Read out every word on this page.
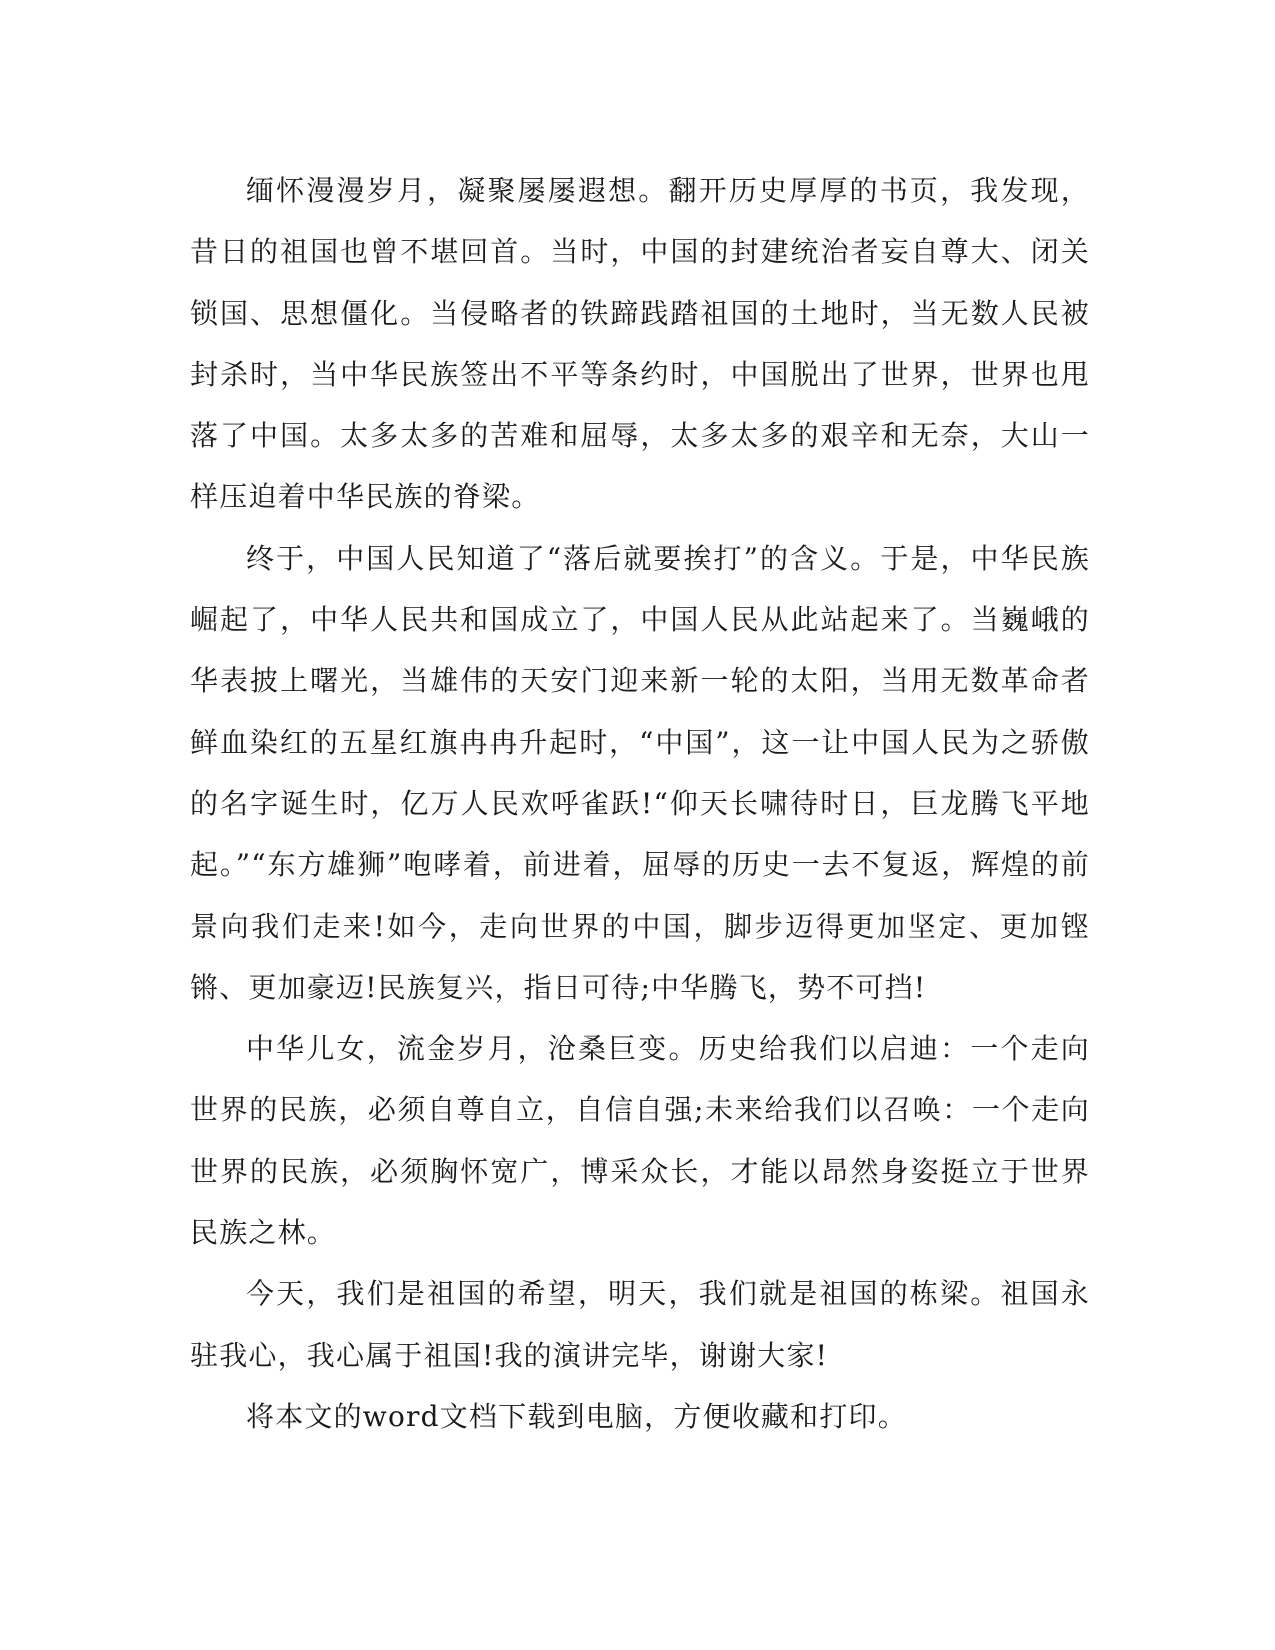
缅怀漫漫岁月，凝聚屡屡遐想。翻开历史厚厚的书页，我发现，昔日的祖国也曾不堪回首。当时，中国的封建统治者妄自尊大、闭关锁国、思想僵化。当侵略者的铁蹄践踏祖国的土地时，当无数人民被封杀时，当中华民族签出不平等条约时，中国脱出了世界，世界也甩落了中国。太多太多的苦难和屈辱，太多太多的艰辛和无奈，大山一样压迫着中华民族的脊梁。

终于，中国人民知道了“落后就要挨打”的含义。于是，中华民族崛起了，中华人民共和国成立了，中国人民从此站起来了。当巍峨的华表披上曙光，当雄伟的天安门迎来新一轮的太阳，当用无数革命者鲜血染红的五星红旗冉冉升起时，“中国”，这一让中国人民为之骄傲的名字诞生时，亿万人民欢呼雀跃!“仰天长啸待时日，巨龙腾飞平地起。”“东方雄狮”咆哮着，前进着，屈辱的历史一去不复返，辉煌的前景向我们走来!如今，走向世界的中国，脚步迈得更加坚定、更加铿锵、更加豪迈!民族复兴，指日可待;中华腾飞，势不可挡!

中华儿女，流金岁月，沧桑巨变。历史给我们以启迪：一个走向世界的民族，必须自尊自立，自信自强;未来给我们以召唤：一个走向世界的民族，必须胸怀宽广，博采众长，才能以昂然身姿挺立于世界民族之林。

今天，我们是祖国的希望，明天，我们就是祖国的栋梁。祖国永驻我心，我心属于祖国!我的演讲完毕，谢谢大家!

将本文的word文档下载到电脑，方便收藏和打印。
